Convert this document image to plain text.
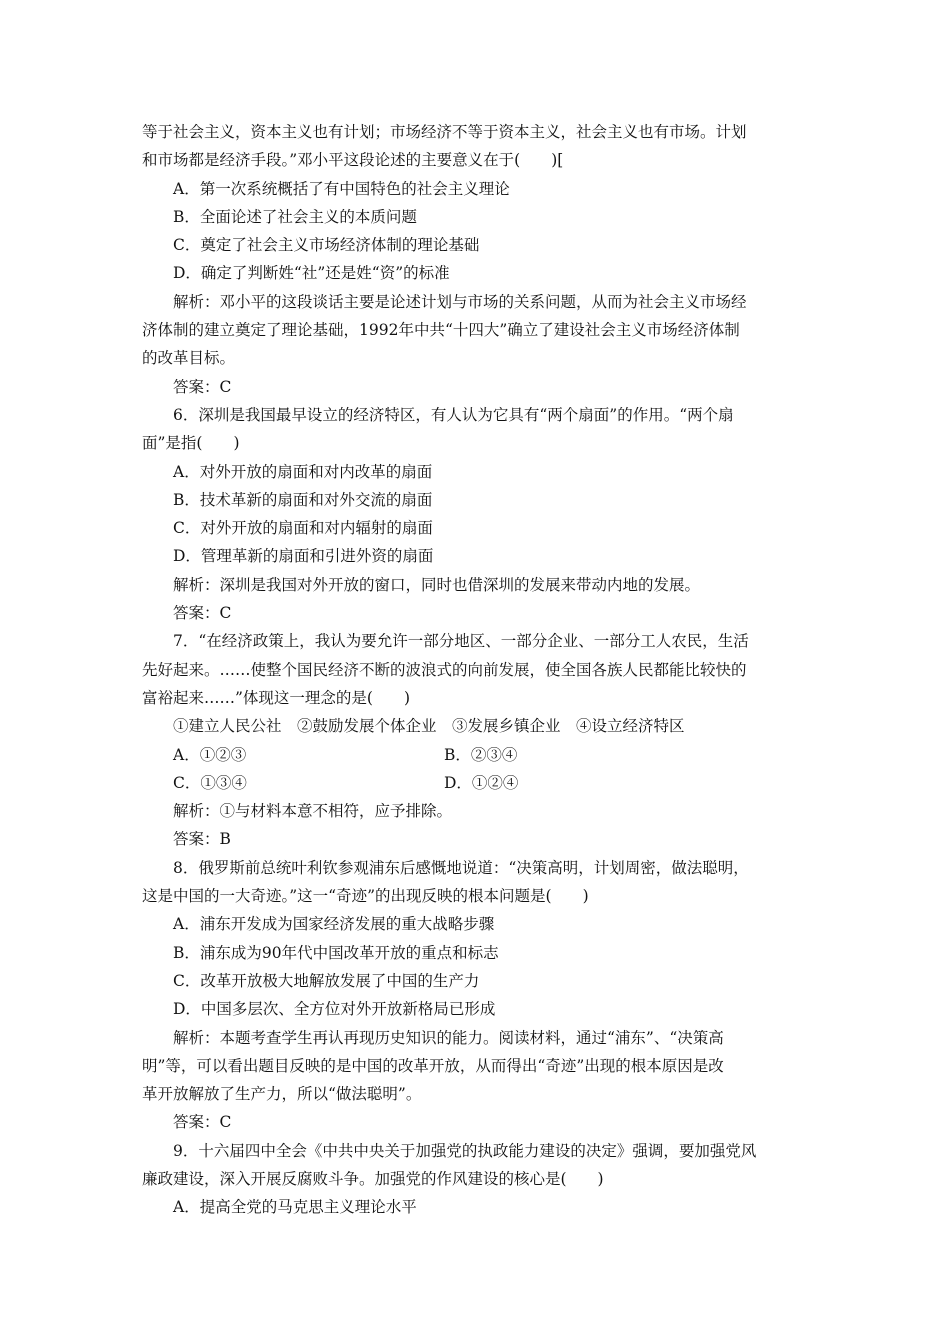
等于社会主义，资本主义也有计划；市场经济不等于资本主义，社会主义也有市场。计划
和市场都是经济手段。”邓小平这段论述的主要意义在于(　　)[
A．第一次系统概括了有中国特色的社会主义理论
B．全面论述了社会主义的本质问题
C．奠定了社会主义市场经济体制的理论基础
D．确定了判断姓“社”还是姓“资”的标准
解析：邓小平的这段谈话主要是论述计划与市场的关系问题，从而为社会主义市场经
济体制的建立奠定了理论基础，1992年中共“十四大”确立了建设社会主义市场经济体制
的改革目标。
答案：C
6．深圳是我国最早设立的经济特区，有人认为它具有“两个扇面”的作用。“两个扇
面”是指(　　)
A．对外开放的扇面和对内改革的扇面
B．技术革新的扇面和对外交流的扇面
C．对外开放的扇面和对内辐射的扇面
D．管理革新的扇面和引进外资的扇面
解析：深圳是我国对外开放的窗口，同时也借深圳的发展来带动内地的发展。
答案：C
7．“在经济政策上，我认为要允许一部分地区、一部分企业、一部分工人农民，生活
先好起来。……使整个国民经济不断的波浪式的向前发展，使全国各族人民都能比较快的
富裕起来……”体现这一理念的是(　　)
①建立人民公社　②鼓励发展个体企业　③发展乡镇企业　④设立经济特区
A．①②③	B．②③④
C．①③④	D．①②④
解析：①与材料本意不相符，应予排除。
答案：B
8．俄罗斯前总统叶利钦参观浦东后感慨地说道：“决策高明，计划周密，做法聪明，
这是中国的一大奇迹。”这一“奇迹”的出现反映的根本问题是(　　)
A．浦东开发成为国家经济发展的重大战略步骤
B．浦东成为90年代中国改革开放的重点和标志
C．改革开放极大地解放发展了中国的生产力
D．中国多层次、全方位对外开放新格局已形成
解析：本题考查学生再认再现历史知识的能力。阅读材料，通过“浦东”、“决策高
明”等，可以看出题目反映的是中国的改革开放，从而得出“奇迹”出现的根本原因是改
革开放解放了生产力，所以“做法聪明”。
答案：C
9．十六届四中全会《中共中央关于加强党的执政能力建设的决定》强调，要加强党风
廉政建设，深入开展反腐败斗争。加强党的作风建设的核心是(　　)
A．提高全党的马克思主义理论水平
